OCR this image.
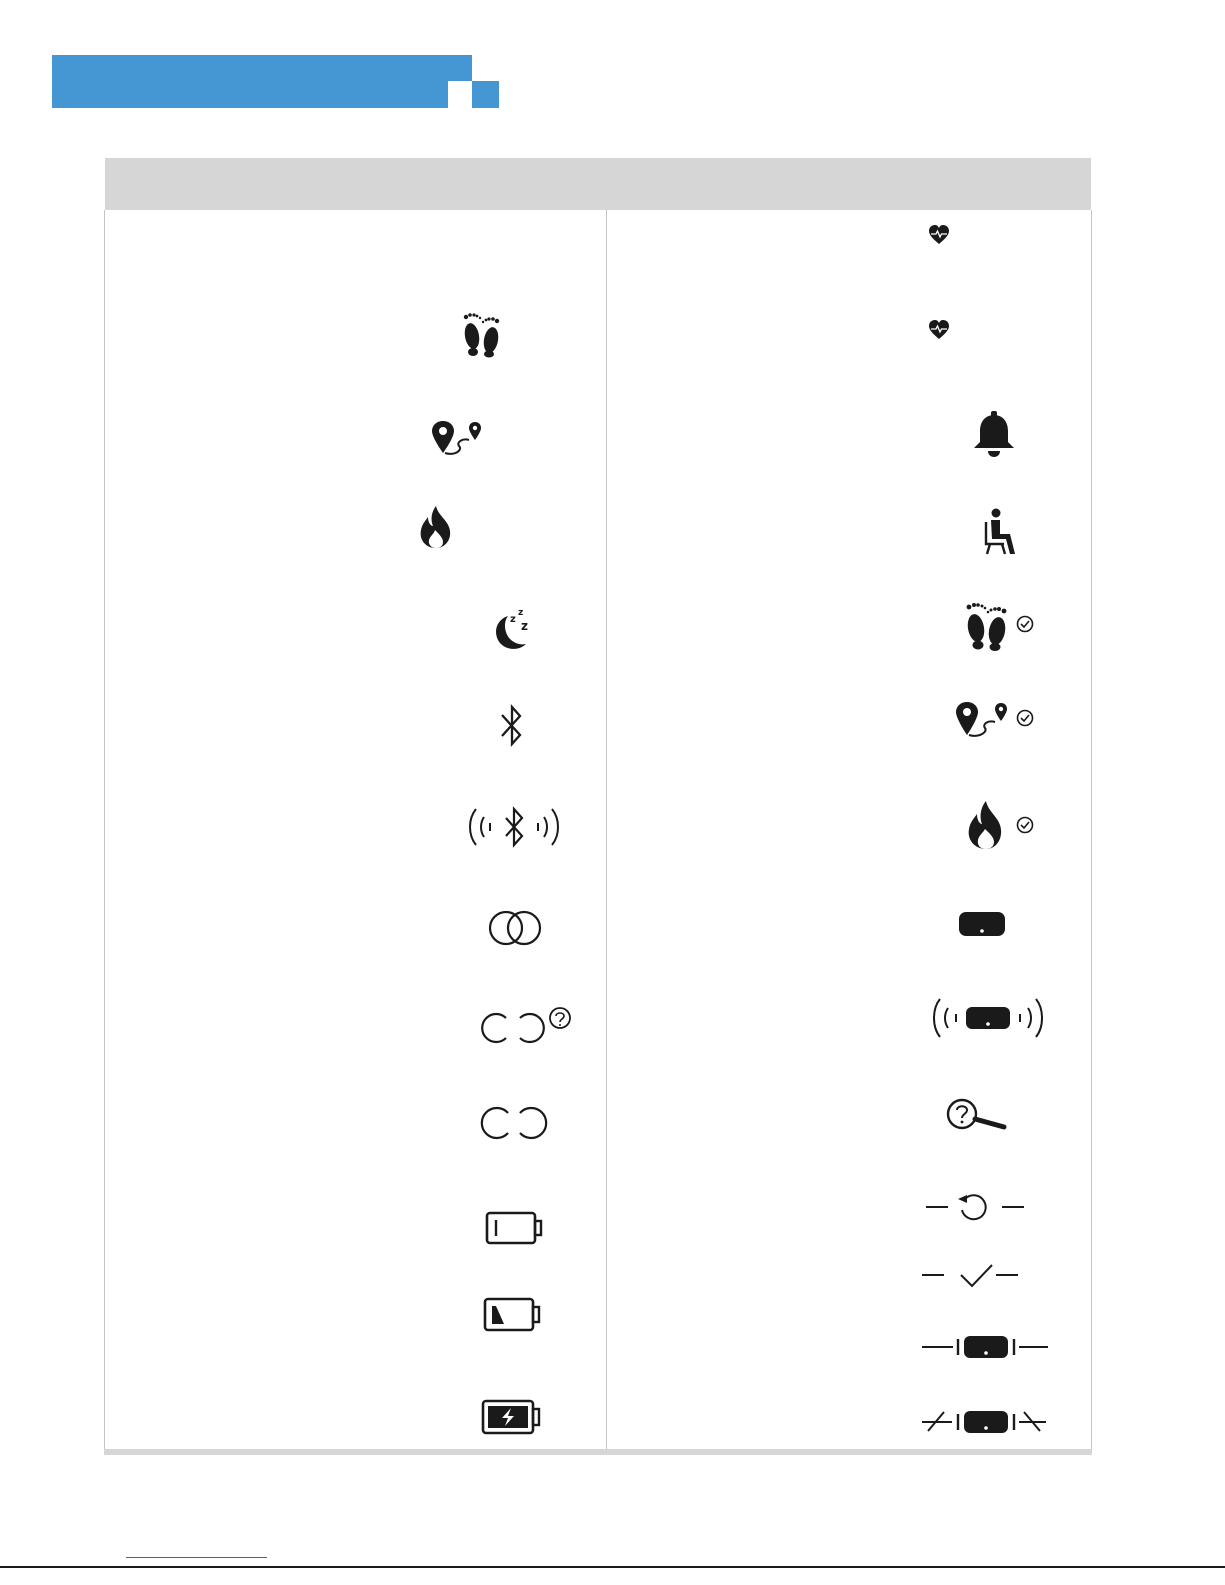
z
z
z
